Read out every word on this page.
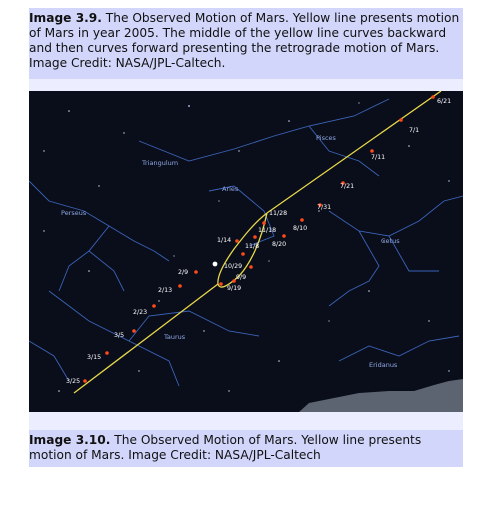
Image 3.9. The Observed Motion of Mars. Yellow line presents motion of Mars in year 2005. The middle of the yellow line curves backward and then curves forward presenting the retrograde motion of Mars. Image Credit: NASA/JPL-Caltech.
Triangulum
Pisces
Perseus
Aries
Cetus
Taurus
Eridanus
6/21
7/1
7/11
7/21
7/31
8/10
8/20
9/9
9/19
10/29
11/8
11/18
11/28
1/14
2/9
2/13
2/23
3/5
3/15
3/25
Image 3.10. The Observed Motion of Mars. Yellow line presents motion of Mars. Image Credit: NASA/JPL-Caltech
